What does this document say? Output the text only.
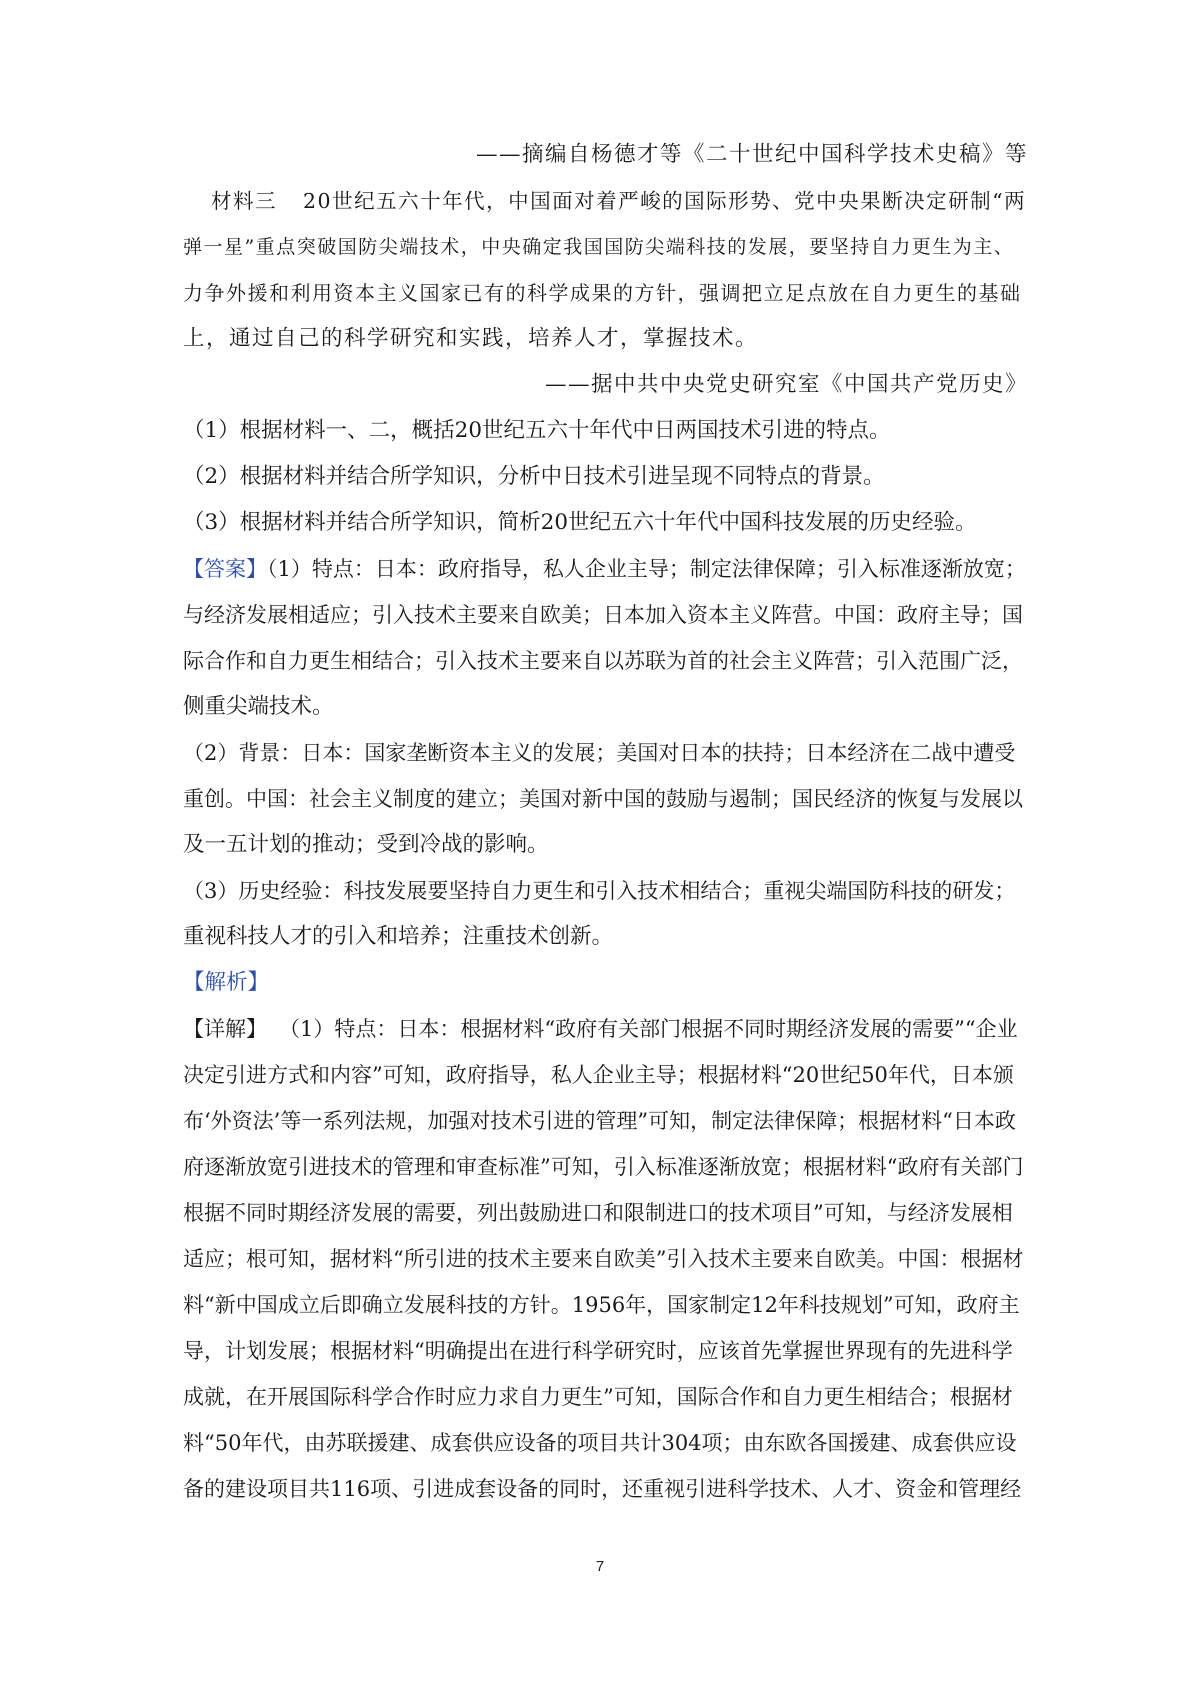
——摘编自杨德才等《二十世纪中国科学技术史稿》等
材料三 20世纪五六十年代，中国面对着严峻的国际形势、党中央果断决定研制“两
弹一星”重点突破国防尖端技术，中央确定我国国防尖端科技的发展，要坚持自力更生为主、
力争外援和利用资本主义国家已有的科学成果的方针，强调把立足点放在自力更生的基础
上，通过自己的科学研究和实践，培养人才，掌握技术。
——据中共中央党史研究室《中国共产党历史》
（1）根据材料一、二，概括20世纪五六十年代中日两国技术引进的特点。
（2）根据材料并结合所学知识，分析中日技术引进呈现不同特点的背景。
（3）根据材料并结合所学知识，简析20世纪五六十年代中国科技发展的历史经验。
【答案】（1）特点：日本：政府指导，私人企业主导；制定法律保障；引入标准逐渐放宽；
与经济发展相适应；引入技术主要来自欧美；日本加入资本主义阵营。中国：政府主导；国
际合作和自力更生相结合；引入技术主要来自以苏联为首的社会主义阵营；引入范围广泛，
侧重尖端技术。
（2）背景：日本：国家垄断资本主义的发展；美国对日本的扶持；日本经济在二战中遭受
重创。中国：社会主义制度的建立；美国对新中国的鼓励与遏制；国民经济的恢复与发展以
及一五计划的推动；受到冷战的影响。
（3）历史经验：科技发展要坚持自力更生和引入技术相结合；重视尖端国防科技的研发；
重视科技人才的引入和培养；注重技术创新。
【解析】
【详解】 （1）特点：日本：根据材料“政府有关部门根据不同时期经济发展的需要”“企业
决定引进方式和内容”可知，政府指导，私人企业主导；根据材料“20世纪50年代，日本颁
布‘外资法’等一系列法规，加强对技术引进的管理”可知，制定法律保障；根据材料“日本政
府逐渐放宽引进技术的管理和审查标准”可知，引入标准逐渐放宽；根据材料“政府有关部门
根据不同时期经济发展的需要，列出鼓励进口和限制进口的技术项目”可知，与经济发展相
适应；根可知，据材料“所引进的技术主要来自欧美”引入技术主要来自欧美。中国：根据材
料“新中国成立后即确立发展科技的方针。1956年，国家制定12年科技规划”可知，政府主
导，计划发展；根据材料“明确提出在进行科学研究时，应该首先掌握世界现有的先进科学
成就，在开展国际科学合作时应力求自力更生”可知，国际合作和自力更生相结合；根据材
料“50年代，由苏联援建、成套供应设备的项目共计304项；由东欧各国援建、成套供应设
备的建设项目共116项、引进成套设备的同时，还重视引进科学技术、人才、资金和管理经
7
